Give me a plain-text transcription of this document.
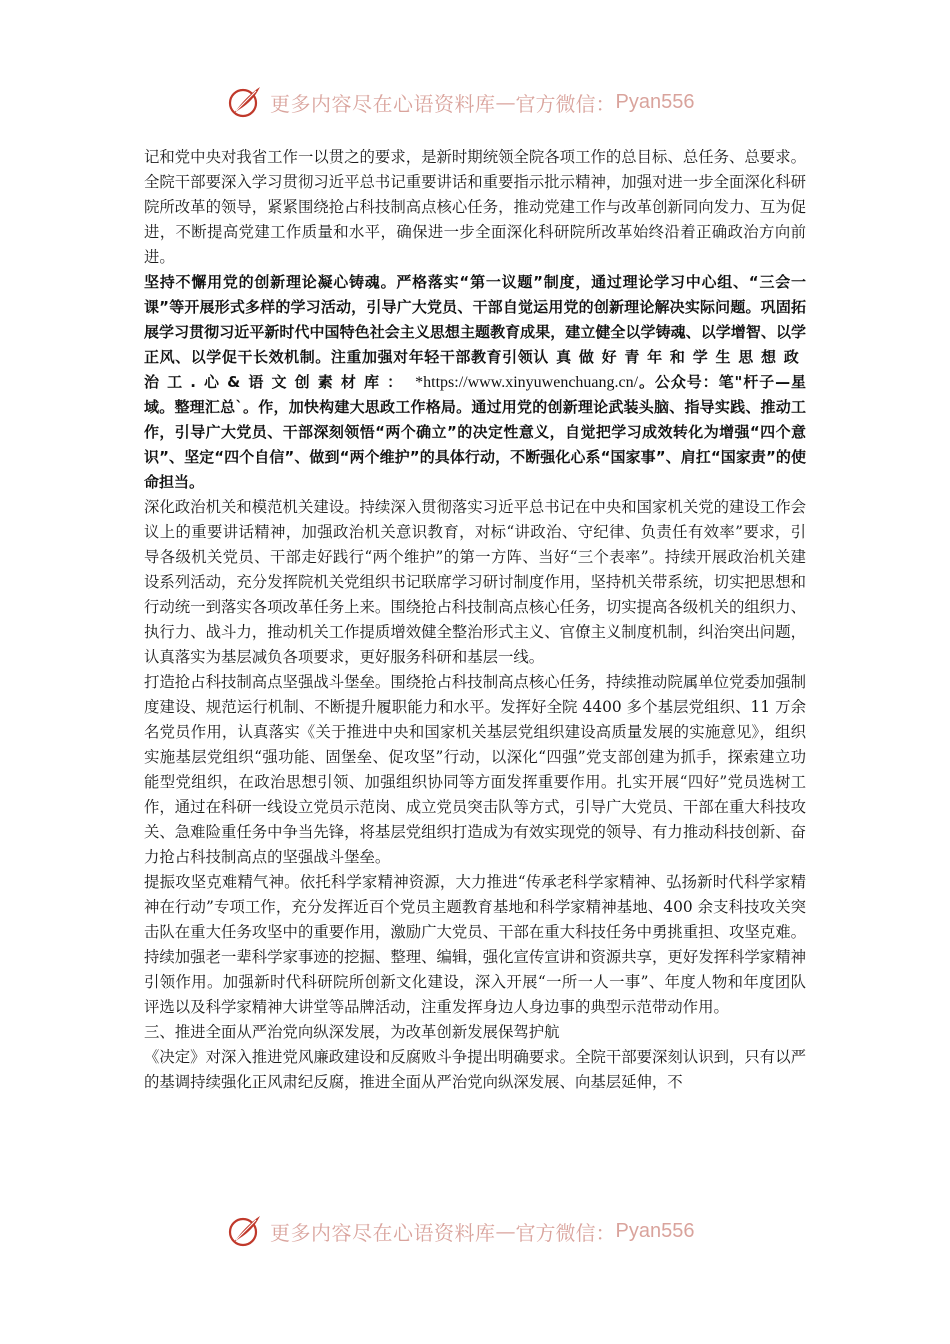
更多内容尽在心语资料库 — 官方微信： Pyan556

记和党中央对我省工作一以贯之的要求，是新时期统领全院各项工作的总目标、总任务、总要求。全院干部要深入学习贯彻习近平总书记重要讲话和重要指示批示精神，加强对进一步全面深化科研院所改革的领导，紧紧围绕抢占科技制高点核心任务，推动党建工作与改革创新同向发力、互为促进，不断提高党建工作质量和水平，确保进一步全面深化科研院所改革始终沿着正确政治方向前进。

坚持不懈用党的创新理论凝心铸魂。严格落实“第一议题”制度，通过理论学习中心组、“三会一课”等开展形式多样的学习活动，引导广大党员、干部自觉运用党的创新理论解决实际问题。巩固拓展学习贯彻习近平新时代中国特色社会主义思想主题教育成果，建立健全以学铸魂、以学增智、以学正风、以学促干长效机制。注重加强对年轻干部教育引领认真做好青年和学生思想政治工.心&语文创素材库： *https://www.xinyuwenchuang.cn/。公众号：笔"杆子—星域。整理汇总`。作，加快构建大思政工作格局。通过用党的创新理论武装头脑、指导实践、推动工作，引导广大党员、干部深刻领悟“两个确立”的决定性意义，自觉把学习成效转化为增强“四个意识”、坚定“四个自信”、做到“两个维护”的具体行动，不断强化心系“国家事”、肩扛“国家责”的使命担当。

深化政治机关和模范机关建设。持续深入贯彻落实习近平总书记在中央和国家机关党的建设工作会议上的重要讲话精神，加强政治机关意识教育，对标“讲政治、守纪律、负责任有效率”要求，引导各级机关党员、干部走好践行“两个维护”的第一方阵、当好“三个表率”。持续开展政治机关建设系列活动，充分发挥院机关党组织书记联席学习研讨制度作用，坚持机关带系统，切实把思想和行动统一到落实各项改革任务上来。围绕抢占科技制高点核心任务，切实提高各级机关的组织力、执行力、战斗力，推动机关工作提质增效健全整治形式主义、官僚主义制度机制，纠治突出问题，认真落实为基层减负各项要求，更好服务科研和基层一线。

打造抢占科技制高点坚强战斗堡垒。围绕抢占科技制高点核心任务，持续推动院属单位党委加强制度建设、规范运行机制、不断提升履职能力和水平。发挥好全院 4400 多个基层党组织、11 万余名党员作用，认真落实《关于推进中央和国家机关基层党组织建设高质量发展的实施意见》，组织实施基层党组织“强功能、固堡垒、促攻坚”行动，以深化“四强”党支部创建为抓手，探索建立功能型党组织，在政治思想引领、加强组织协同等方面发挥重要作用。扎实开展“四好”党员选树工作，通过在科研一线设立党员示范岗、成立党员突击队等方式，引导广大党员、干部在重大科技攻关、急难险重任务中争当先锋，将基层党组织打造成为有效实现党的领导、有力推动科技创新、奋力抢占科技制高点的坚强战斗堡垒。

提振攻坚克难精气神。依托科学家精神资源，大力推进“传承老科学家精神、弘扬新时代科学家精神在行动”专项工作，充分发挥近百个党员主题教育基地和科学家精神基地、400 余支科技攻关突击队在重大任务攻坚中的重要作用，激励广大党员、干部在重大科技任务中勇挑重担、攻坚克难。持续加强老一辈科学家事迹的挖掘、整理、编辑，强化宣传宣讲和资源共享，更好发挥科学家精神引领作用。加强新时代科研院所创新文化建设，深入开展“一所一人一事”、年度人物和年度团队评选以及科学家精神大讲堂等品牌活动，注重发挥身边人身边事的典型示范带动作用。

三、推进全面从严治党向纵深发展，为改革创新发展保驾护航

《决定》对深入推进党风廉政建设和反腐败斗争提出明确要求。全院干部要深刻认识到，只有以严的基调持续强化正风肃纪反腐，推进全面从严治党向纵深发展、向基层延伸，不

更多内容尽在心语资料库 — 官方微信： Pyan556
